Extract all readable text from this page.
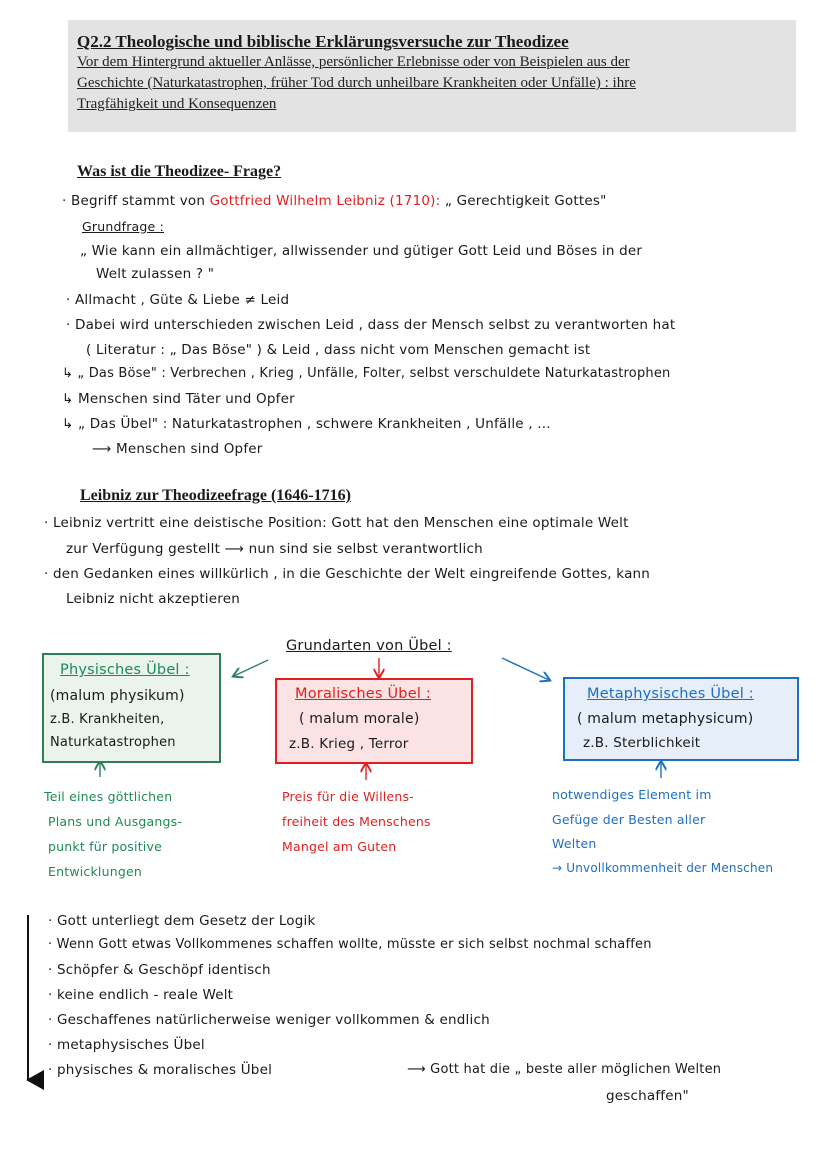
Q2.2 Theologische und biblische Erklärungsversuche zur Theodizee
Vor dem Hintergrund aktueller Anlässe, persönlicher Erlebnisse oder von Beispielen aus der
Geschichte (Naturkatastrophen, früher Tod durch unheilbare Krankheiten oder Unfälle) : ihre
Tragfähigkeit und Konsequenzen
Was ist die Theodizee- Frage?
· Begriff stammt von Gottfried Wilhelm Leibniz (1710): „ Gerechtigkeit Gottes"
Grundfrage :
„ Wie kann ein allmächtiger, allwissender und gütiger Gott Leid und Böses in der
Welt zulassen ? "
· Allmacht , Güte & Liebe ≠ Leid
· Dabei wird unterschieden zwischen Leid , dass der Mensch selbst zu verantworten hat
( Literatur : „ Das Böse" ) & Leid , dass nicht vom Menschen gemacht ist
↳ „ Das Böse" : Verbrechen , Krieg , Unfälle, Folter, selbst verschuldete Naturkatastrophen
↳ Menschen sind Täter und Opfer
↳ „ Das Übel" : Naturkatastrophen , schwere Krankheiten , Unfälle , ...
⟶ Menschen sind Opfer
Leibniz zur Theodizeefrage (1646-1716)
· Leibniz vertritt eine deistische Position: Gott hat den Menschen eine optimale Welt
zur Verfügung gestellt ⟶ nun sind sie selbst verantwortlich
· den Gedanken eines willkürlich , in die Geschichte der Welt eingreifende Gottes, kann
Leibniz nicht akzeptieren
Grundarten von Übel :
Physisches Übel :
(malum physikum)
z.B. Krankheiten,
Naturkatastrophen
Moralisches Übel :
( malum morale)
z.B. Krieg , Terror
Metaphysisches Übel :
( malum metaphysicum)
z.B. Sterblichkeit
Teil eines göttlichen
Plans und Ausgangs-
punkt für positive
Entwicklungen
Preis für die Willens-
freiheit des Menschens
Mangel am Guten
notwendiges Element im
Gefüge der Besten aller
Welten
→ Unvollkommenheit der Menschen
· Gott unterliegt dem Gesetz der Logik
· Wenn Gott etwas Vollkommenes schaffen wollte, müsste er sich selbst nochmal schaffen
· Schöpfer & Geschöpf identisch
· keine endlich - reale Welt
· Geschaffenes natürlicherweise weniger vollkommen & endlich
· metaphysisches Übel
· physisches & moralisches Übel	⟶ Gott hat die „ beste aller möglichen Welten
geschaffen"
